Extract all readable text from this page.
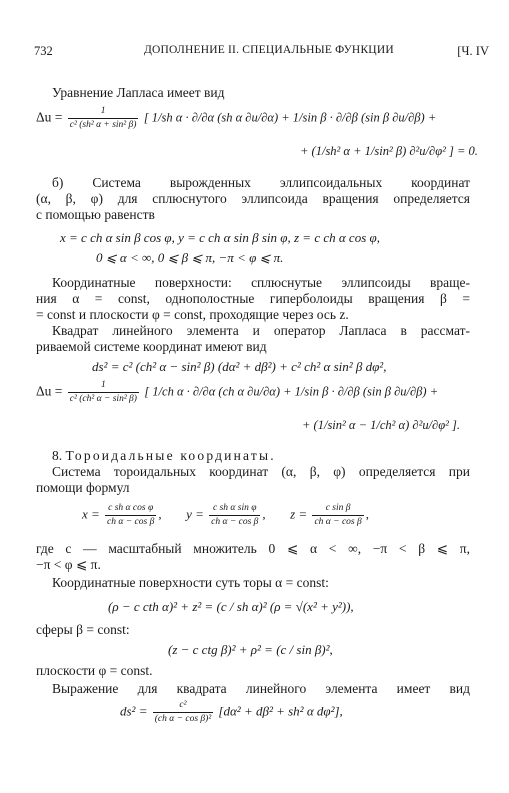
732	ДОПОЛНЕНИЕ II. СПЕЦИАЛЬНЫЕ ФУНКЦИИ	[Ч. IV
Уравнение Лапласа имеет вид
$\Delta u = \frac{1}{\text{c² (sh² α + sin² β)}}$ [ 1/sh α · ∂/∂α (sh α ∂u/∂α) + 1/sin β · ∂/∂β (sin β ∂u/∂β) +
+ (1/sh² α + 1/sin² β) ∂²u/∂φ² ] = 0.
б) Система вырожденных эллипсоидальных координат
(α, β, φ) для сплюснутого эллипсоида вращения определяется
с помощью равенств
x = c ch α sin β cos φ, y = c ch α sin β sin φ, z = c ch α cos φ,
0 ⩽ α < ∞, 0 ⩽ β ⩽ π, −π < φ ⩽ π.
Координатные поверхности: сплюснутые эллипсоиды враще-
ния α = const, однополостные гиперболоиды вращения β =
= const и плоскости φ = const, проходящие через ось z.
Квадрат линейного элемента и оператор Лапласа в рассмат-
риваемой системе координат имеют вид
ds² = c² (ch² α − sin² β) (dα² + dβ²) + c² ch² α sin² β dφ²,
$\Delta u = \frac{1}{\text{c² (ch² α − sin² β)}}$ [ 1/ch α · ∂/∂α (ch α ∂u/∂α) + 1/sin β · ∂/∂β (sin β ∂u/∂β) +
+ (1/sin² α − 1/ch² α) ∂²u/∂φ² ].
8. Тороидальные координаты.
Система тороидальных координат (α, β, φ) определяется при
помощи формул
$x = \frac{\text{c sh α cos φ}}{\text{ch α − cos β}}$ , $y = \frac{\text{c sh α sin φ}}{\text{ch α − cos β}}$ , $z = \frac{\text{c sin β}}{\text{ch α − cos β}}$ ,
где c — масштабный множитель 0 ⩽ α < ∞, −π < β ⩽ π,
−π < φ ⩽ π.
Координатные поверхности суть торы α = const:
(ρ − c cth α)² + z² = (c / sh α)² (ρ = √(x² + y²)),
сферы β = const:
(z − c ctg β)² + ρ² = (c / sin β)²,
плоскости φ = const.
Выражение для квадрата линейного элемента имеет вид
$ds^2 = \frac{\text{c²}}{\text{(ch α − cos β)²}} [d\alpha^2 + d\beta^2 + sh^2$ α dφ²],
